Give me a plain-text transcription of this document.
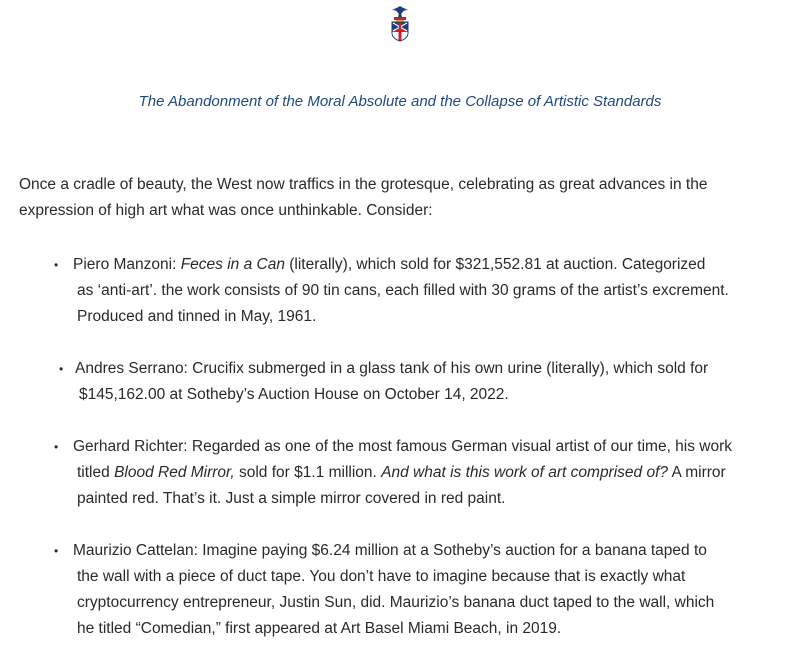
The Abandonment of the Moral Absolute and the Collapse of Artistic Standards

Once a cradle of beauty, the West now traffics in the grotesque, celebrating as great advances in the
expression of high art what was once unthinkable. Consider:

• Piero Manzoni: Feces in a Can (literally), which sold for $321,552.81 at auction. Categorized
as ‘anti-art’. the work consists of 90 tin cans, each filled with 30 grams of the artist’s excrement.
Produced and tinned in May, 1961.
• Andres Serrano: Crucifix submerged in a glass tank of his own urine (literally), which sold for
$145,162.00 at Sotheby’s Auction House on October 14, 2022.
• Gerhard Richter: Regarded as one of the most famous German visual artist of our time, his work
titled Blood Red Mirror, sold for $1.1 million. And what is this work of art comprised of? A mirror
painted red. That’s it. Just a simple mirror covered in red paint.
• Maurizio Cattelan: Imagine paying $6.24 million at a Sotheby’s auction for a banana taped to
the wall with a piece of duct tape. You don’t have to imagine because that is exactly what
cryptocurrency entrepreneur, Justin Sun, did. Maurizio’s banana duct taped to the wall, which
he titled “Comedian,” first appeared at Art Basel Miami Beach, in 2019.
